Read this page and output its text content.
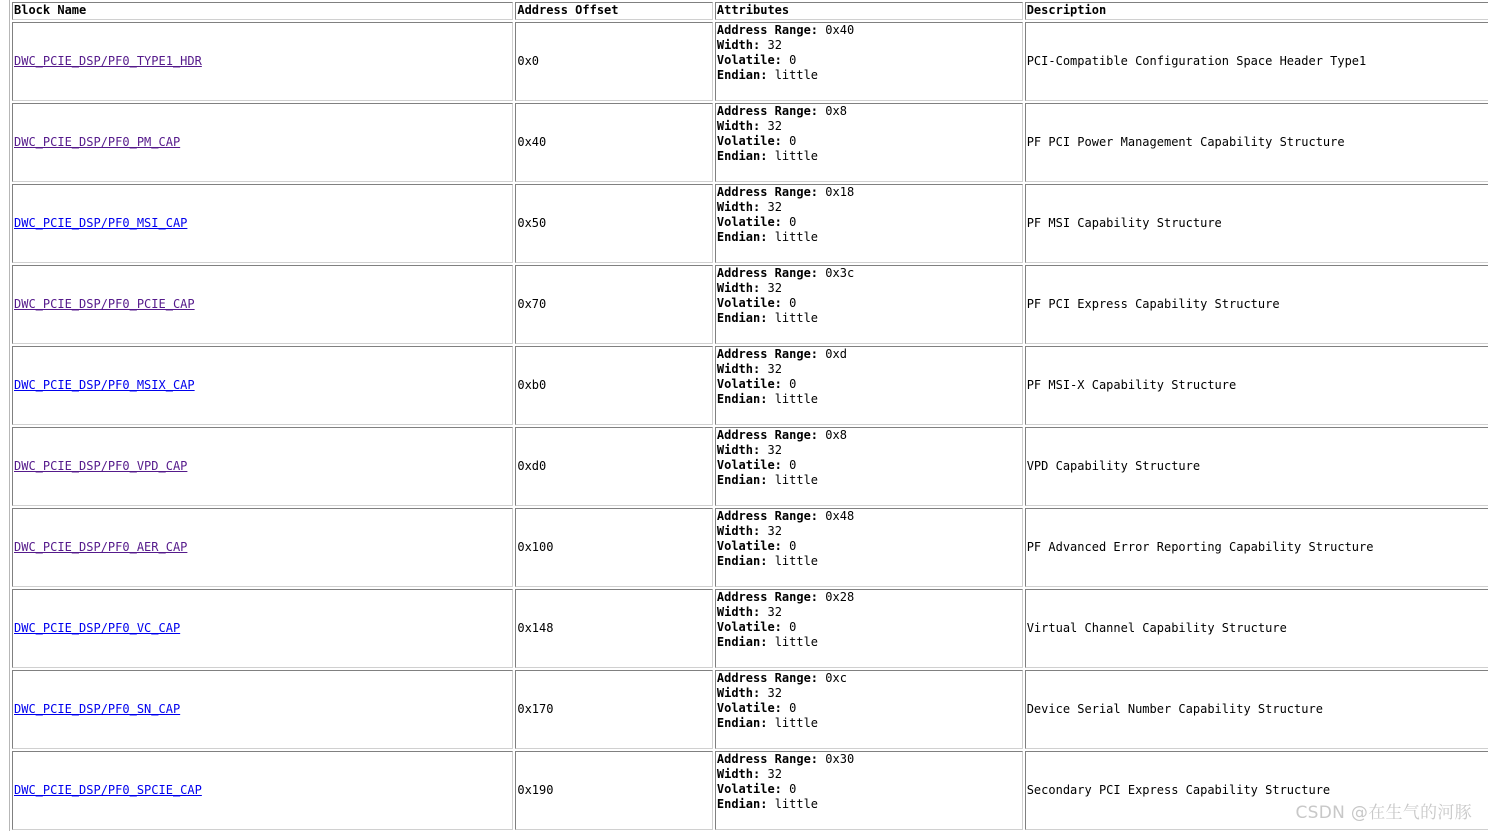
Block Name	Address Offset	Attributes	Description
DWC_PCIE_DSP/PF0_TYPE1_HDR	0x0	Address Range: 0x40
Width: 32
Volatile: 0
Endian: little	PCI-Compatible Configuration Space Header Type1
DWC_PCIE_DSP/PF0_PM_CAP	0x40	Address Range: 0x8
Width: 32
Volatile: 0
Endian: little	PF PCI Power Management Capability Structure
DWC_PCIE_DSP/PF0_MSI_CAP	0x50	Address Range: 0x18
Width: 32
Volatile: 0
Endian: little	PF MSI Capability Structure
DWC_PCIE_DSP/PF0_PCIE_CAP	0x70	Address Range: 0x3c
Width: 32
Volatile: 0
Endian: little	PF PCI Express Capability Structure
DWC_PCIE_DSP/PF0_MSIX_CAP	0xb0	Address Range: 0xd
Width: 32
Volatile: 0
Endian: little	PF MSI-X Capability Structure
DWC_PCIE_DSP/PF0_VPD_CAP	0xd0	Address Range: 0x8
Width: 32
Volatile: 0
Endian: little	VPD Capability Structure
DWC_PCIE_DSP/PF0_AER_CAP	0x100	Address Range: 0x48
Width: 32
Volatile: 0
Endian: little	PF Advanced Error Reporting Capability Structure
DWC_PCIE_DSP/PF0_VC_CAP	0x148	Address Range: 0x28
Width: 32
Volatile: 0
Endian: little	Virtual Channel Capability Structure
DWC_PCIE_DSP/PF0_SN_CAP	0x170	Address Range: 0xc
Width: 32
Volatile: 0
Endian: little	Device Serial Number Capability Structure
DWC_PCIE_DSP/PF0_SPCIE_CAP	0x190	Address Range: 0x30
Width: 32
Volatile: 0
Endian: little	Secondary PCI Express Capability Structure
CSDN @在生气的河豚
